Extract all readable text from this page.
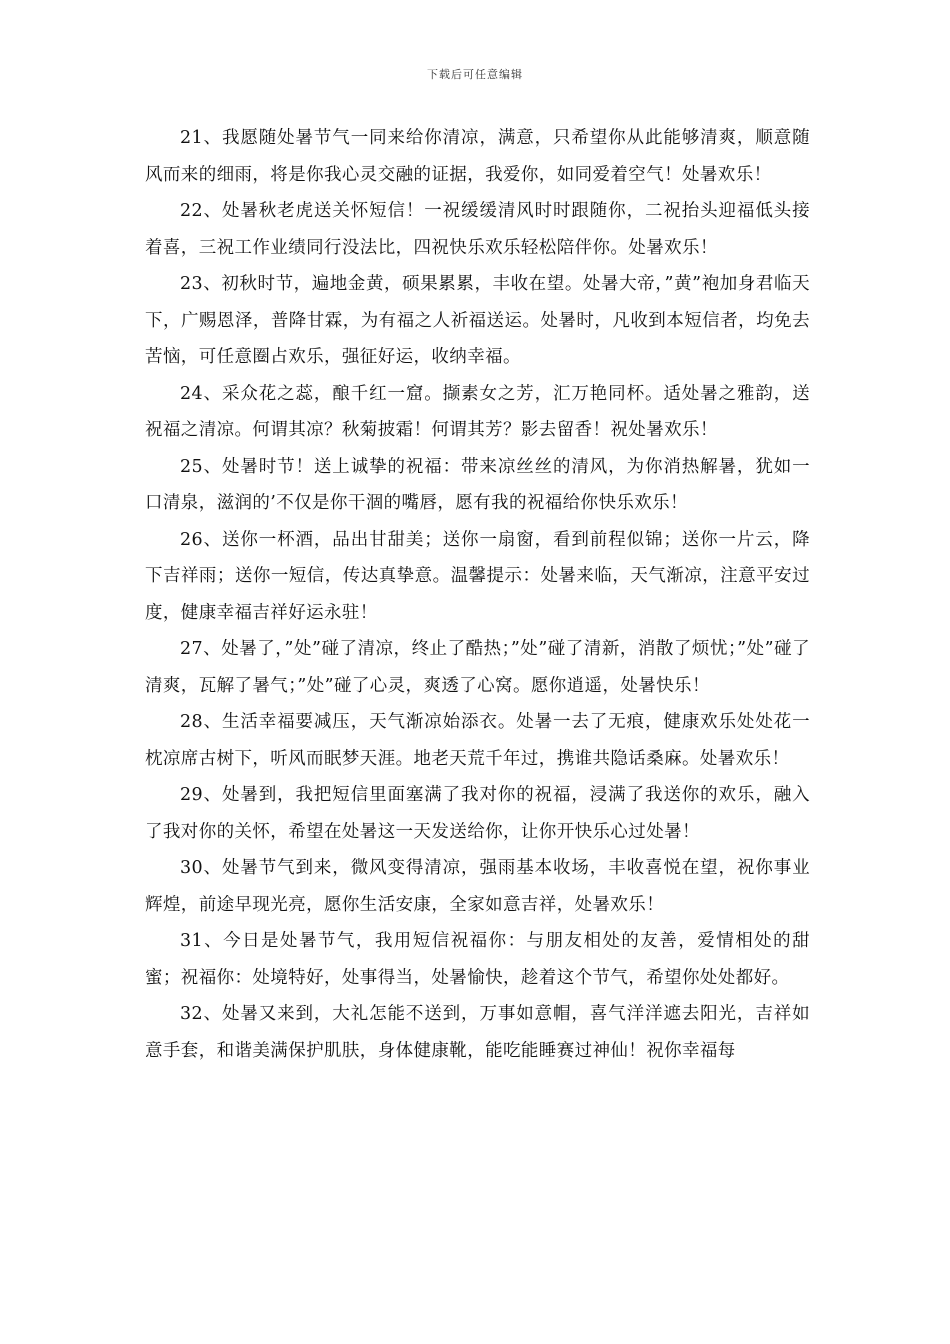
下载后可任意编辑

21、我愿随处暑节气一同来给你清凉，满意，只希望你从此能够清爽，顺意随风而来的细雨，将是你我心灵交融的证据，我爱你，如同爱着空气！处暑欢乐！

22、处暑秋老虎送关怀短信！一祝缓缓清风时时跟随你，二祝抬头迎福低头接着喜，三祝工作业绩同行没法比，四祝快乐欢乐轻松陪伴你。处暑欢乐！

23、初秋时节，遍地金黄，硕果累累，丰收在望。处暑大帝，”黄”袍加身君临天下，广赐恩泽，普降甘霖，为有福之人祈福送运。处暑时，凡收到本短信者，均免去苦恼，可任意圈占欢乐，强征好运，收纳幸福。

24、采众花之蕊，酿千红一窟。撷素女之芳，汇万艳同杯。适处暑之雅韵，送祝福之清凉。何谓其凉？秋菊披霜！何谓其芳？影去留香！祝处暑欢乐！

25、处暑时节！送上诚挚的祝福：带来凉丝丝的清风，为你消热解暑，犹如一口清泉，滋润的’不仅是你干涸的嘴唇，愿有我的祝福给你快乐欢乐！

26、送你一杯酒，品出甘甜美；送你一扇窗，看到前程似锦；送你一片云，降下吉祥雨；送你一短信，传达真挚意。温馨提示：处暑来临，天气渐凉，注意平安过度，健康幸福吉祥好运永驻！

27、处暑了，”处”碰了清凉，终止了酷热；”处”碰了清新，消散了烦忧；”处”碰了清爽，瓦解了暑气；”处”碰了心灵，爽透了心窝。愿你逍遥，处暑快乐！

28、生活幸福要减压，天气渐凉始添衣。处暑一去了无痕，健康欢乐处处花一枕凉席古树下，听风而眠梦天涯。地老天荒千年过，携谁共隐话桑麻。处暑欢乐！

29、处暑到，我把短信里面塞满了我对你的祝福，浸满了我送你的欢乐，融入了我对你的关怀，希望在处暑这一天发送给你，让你开快乐心过处暑！

30、处暑节气到来，微风变得清凉，强雨基本收场，丰收喜悦在望，祝你事业辉煌，前途早现光亮，愿你生活安康，全家如意吉祥，处暑欢乐！

31、今日是处暑节气，我用短信祝福你：与朋友相处的友善，爱情相处的甜蜜；祝福你：处境特好，处事得当，处暑愉快，趁着这个节气，希望你处处都好。

32、处暑又来到，大礼怎能不送到，万事如意帽，喜气洋洋遮去阳光，吉祥如意手套，和谐美满保护肌肤，身体健康靴，能吃能睡赛过神仙！祝你幸福每
